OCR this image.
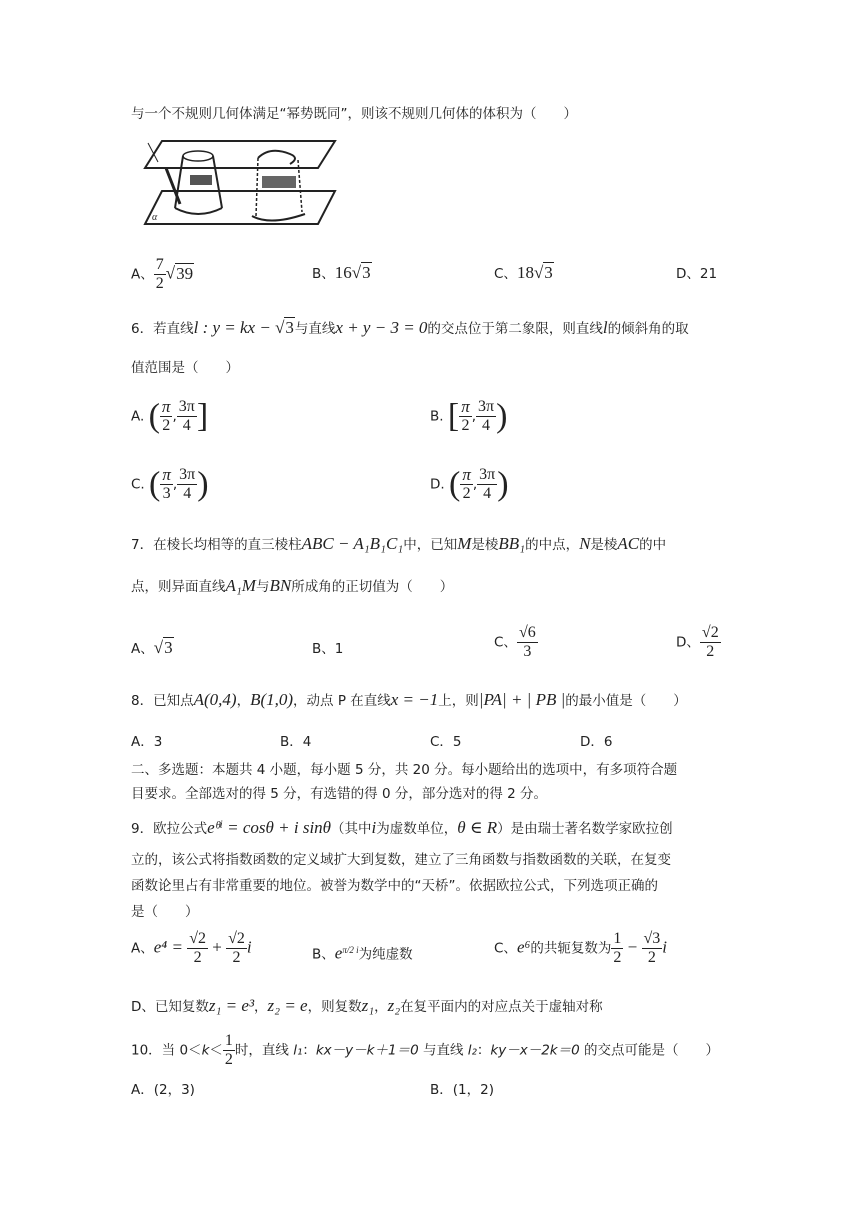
与一个不规则几何体满足“幂势既同”，则该不规则几何体的体积为（　　）
α
A、 $\frac{7}{2} √39$	B、16√3	C、18√3	D、21
6．若直线l : y = kx − √3与直线x + y − 3 = 0的交点位于第二象限，则直线l的倾斜角的取
值范围是（　　）
A. ( $\frac{\pi}{2}$ , $\frac{3\pi}{4}$ ]	B. [ $\frac{\pi}{2}$ , $\frac{3\pi}{4}$ )
C. ( $\frac{\pi}{3}$ , $\frac{3\pi}{4}$ )	D. ( $\frac{\pi}{2}$ , $\frac{3\pi}{4}$ )
7．在棱长均相等的直三棱柱ABC − A₁B₁C₁中，已知M是棱BB₁的中点，N是棱AC的中
点，则异面直线A₁M与BN所成角的正切值为（　　）
A、√3	B、1	C、 $\frac{√6}{3}$	D、 $\frac{√2}{2}$
8．已知点A(0,4)，B(1,0)，动点 P 在直线x = −1上，则|PA| + | PB |的最小值是（　　）
A．3	B．4	C．5	D．6
二、多选题：本题共 4 小题，每小题 5 分，共 20 分。每小题给出的选项中，有多项符合题
目要求。全部选对的得 5 分，有选错的得 0 分，部分选对的得 2 分。
9．欧拉公式eᶿⁱ = cosθ + i sinθ（其中i为虚数单位，θ ∈ R）是由瑞士著名数学家欧拉创
立的，该公式将指数函数的定义域扩大到复数，建立了三角函数与指数函数的关联，在复变
函数论里占有非常重要的地位。被誉为数学中的“天桥”。依据欧拉公式，下列选项正确的
是（　　）
A、$e^4 = \frac{√2}{2} + \frac{√2}{2}$ i	B、$e^{\pi/2 i}$为纯虚数	C、e⁶的共轭复数为 $\frac{1}{2} - \frac{√3}{2}$ i
D、已知复数z₁ = e³，z₂ = e，则复数z₁，z₂在复平面内的对应点关于虚轴对称
10．当 $0<k< \frac{1}{2}$ 时，直线 l₁：kx－y－k＋1＝0 与直线 l₂：ky－x－2k＝0 的交点可能是（　　）
A．(2，3)	B．(1，2)
